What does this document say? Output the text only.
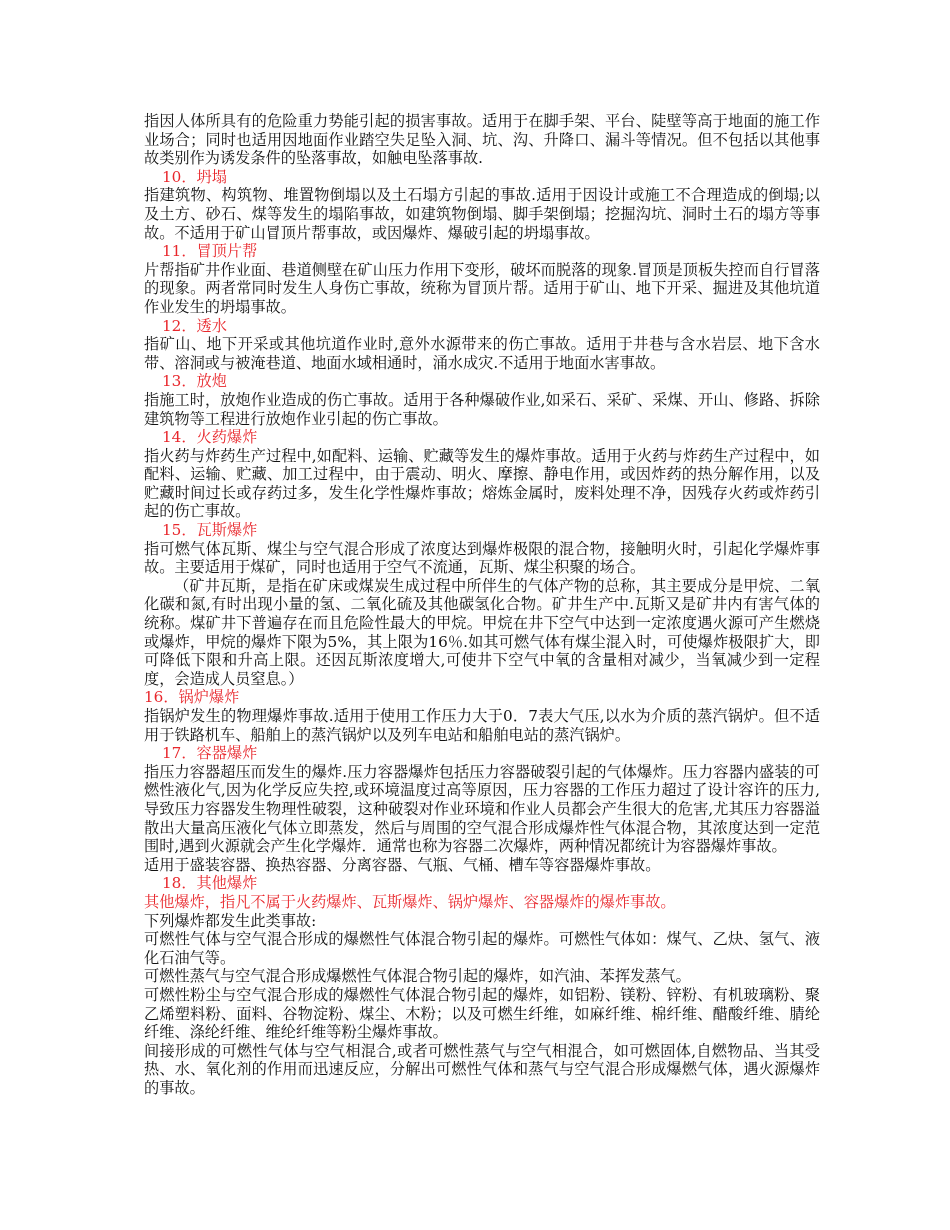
指因人体所具有的危险重力势能引起的损害事故。适用于在脚手架、平台、陡壁等高于地面的施工作业场合；同时也适用因地面作业踏空失足坠入洞、坑、沟、升降口、漏斗等情况。但不包括以其他事故类别作为诱发条件的坠落事故，如触电坠落事故.

10．坍塌

指建筑物、构筑物、堆置物倒塌以及土石塌方引起的事故.适用于因设计或施工不合理造成的倒塌;以及土方、砂石、煤等发生的塌陷事故，如建筑物倒塌、脚手架倒塌；挖掘沟坑、洞时土石的塌方等事故。不适用于矿山冒顶片帮事故，或因爆炸、爆破引起的坍塌事故。

11．冒顶片帮

片帮指矿井作业面、巷道侧壁在矿山压力作用下变形，破坏而脱落的现象.冒顶是顶板失控而自行冒落的现象。两者常同时发生人身伤亡事故，统称为冒顶片帮。适用于矿山、地下开采、掘进及其他坑道作业发生的坍塌事故。

12．透水

指矿山、地下开采或其他坑道作业时,意外水源带来的伤亡事故。适用于井巷与含水岩层、地下含水带、溶洞或与被淹巷道、地面水域相通时，涌水成灾.不适用于地面水害事故。

13．放炮

指施工时，放炮作业造成的伤亡事故。适用于各种爆破作业,如采石、采矿、采煤、开山、修路、拆除建筑物等工程进行放炮作业引起的伤亡事故。

14．火药爆炸

指火药与炸药生产过程中,如配料、运输、贮藏等发生的爆炸事故。适用于火药与炸药生产过程中，如配料、运输、贮藏、加工过程中，由于震动、明火、摩擦、静电作用，或因炸药的热分解作用，以及贮藏时间过长或存药过多，发生化学性爆炸事故；熔炼金属时，废料处理不净，因残存火药或炸药引起的伤亡事故。

15．瓦斯爆炸

指可燃气体瓦斯、煤尘与空气混合形成了浓度达到爆炸极限的混合物，接触明火时，引起化学爆炸事故。主要适用于煤矿，同时也适用于空气不流通，瓦斯、煤尘积聚的场合。

（矿井瓦斯，是指在矿床或煤炭生成过程中所伴生的气体产物的总称，其主要成分是甲烷、二氧化碳和氮,有时出现小量的氢、二氧化硫及其他碳氢化合物。矿井生产中.瓦斯又是矿井内有害气体的统称。煤矿井下普遍存在而且危险性最大的甲烷。甲烷在井下空气中达到一定浓度遇火源可产生燃烧或爆炸，甲烷的爆炸下限为5%，其上限为16％.如其可燃气体有煤尘混入时，可使爆炸极限扩大，即可降低下限和升高上限。还因瓦斯浓度增大,可使井下空气中氧的含量相对减少，当氧减少到一定程度，会造成人员窒息。）

16．锅炉爆炸

指锅炉发生的物理爆炸事故.适用于使用工作压力大于0．7表大气压,以水为介质的蒸汽锅炉。但不适用于铁路机车、船舶上的蒸汽锅炉以及列车电站和船舶电站的蒸汽锅炉。

17．容器爆炸

指压力容器超压而发生的爆炸.压力容器爆炸包括压力容器破裂引起的气体爆炸。压力容器内盛装的可燃性液化气,因为化学反应失控,或环境温度过高等原因，压力容器的工作压力超过了设计容许的压力,导致压力容器发生物理性破裂，这种破裂对作业环境和作业人员都会产生很大的危害,尤其压力容器溢散出大量高压液化气体立即蒸发，然后与周围的空气混合形成爆炸性气体混合物，其浓度达到一定范围时,遇到火源就会产生化学爆炸．通常也称为容器二次爆炸，两种情况都统计为容器爆炸事故。

适用于盛装容器、换热容器、分离容器、气瓶、气桶、槽车等容器爆炸事故。

18．其他爆炸

其他爆炸，指凡不属于火药爆炸、瓦斯爆炸、锅炉爆炸、容器爆炸的爆炸事故。

下列爆炸都发生此类事故:

可燃性气体与空气混合形成的爆燃性气体混合物引起的爆炸。可燃性气体如：煤气、乙炔、氢气、液化石油气等。

可燃性蒸气与空气混合形成爆燃性气体混合物引起的爆炸，如汽油、苯挥发蒸气。

可燃性粉尘与空气混合形成的爆燃性气体混合物引起的爆炸，如铝粉、镁粉、锌粉、有机玻璃粉、聚乙烯塑料粉、面料、谷物淀粉、煤尘、木粉；以及可燃生纤维，如麻纤维、棉纤维、醋酸纤维、腈纶纤维、涤纶纤维、维纶纤维等粉尘爆炸事故。

间接形成的可燃性气体与空气相混合,或者可燃性蒸气与空气相混合，如可燃固体,自燃物品、当其受热、水、氧化剂的作用而迅速反应，分解出可燃性气体和蒸气与空气混合形成爆燃气体，遇火源爆炸的事故。
